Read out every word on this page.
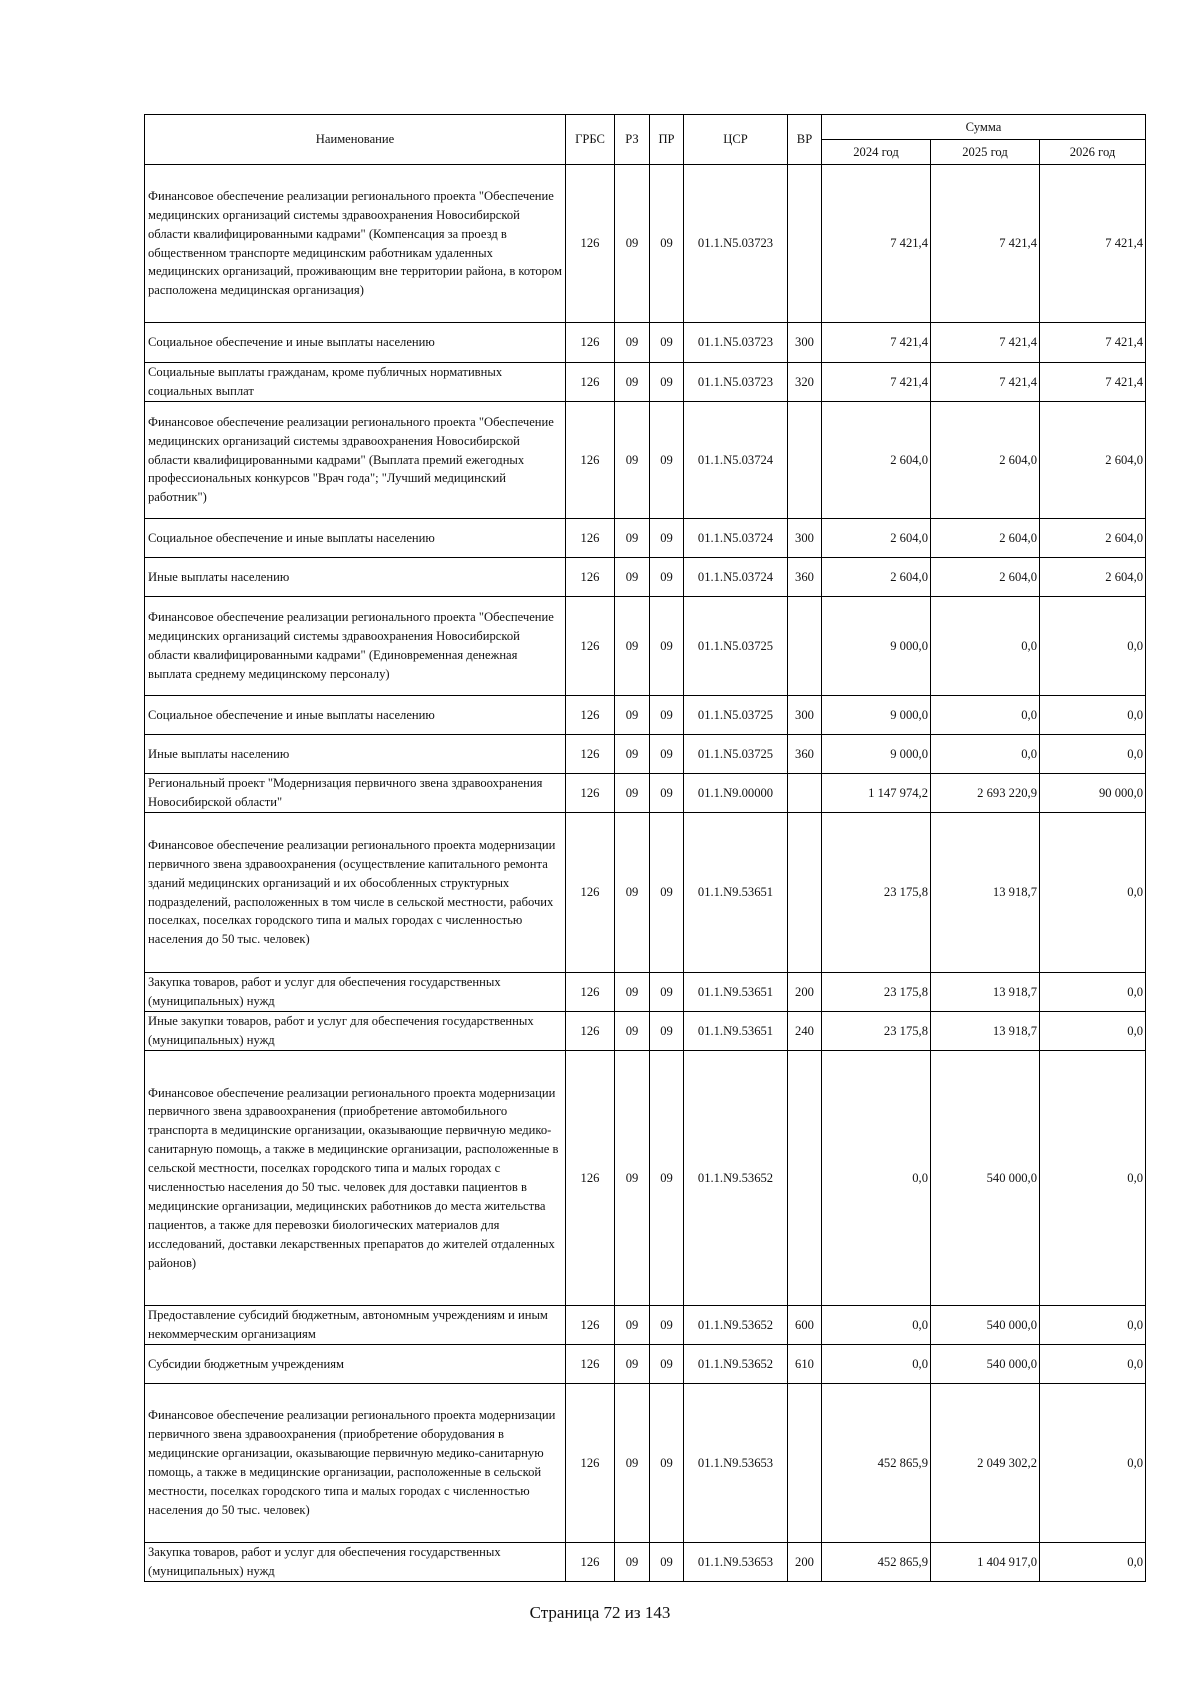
Наименование	ГРБС	РЗ	ПР	ЦСР	ВР	Сумма		
						2024 год	2025 год	2026 год
Финансовое обеспечение реализации регионального проекта "Обеспечение медицинских организаций системы здравоохранения Новосибирской области квалифицированными кадрами" (Компенсация за проезд в общественном транспорте медицинским работникам удаленных медицинских организаций, проживающим вне территории района, в котором расположена медицинская организация)	126	09	09	01.1.N5.03723		7 421,4	7 421,4	7 421,4
Социальное обеспечение и иные выплаты населению	126	09	09	01.1.N5.03723	300	7 421,4	7 421,4	7 421,4
Социальные выплаты гражданам, кроме публичных нормативных социальных выплат	126	09	09	01.1.N5.03723	320	7 421,4	7 421,4	7 421,4
Финансовое обеспечение реализации регионального проекта "Обеспечение медицинских организаций системы здравоохранения Новосибирской области квалифицированными кадрами" (Выплата премий ежегодных профессиональных конкурсов "Врач года"; "Лучший медицинский работник")	126	09	09	01.1.N5.03724		2 604,0	2 604,0	2 604,0
Социальное обеспечение и иные выплаты населению	126	09	09	01.1.N5.03724	300	2 604,0	2 604,0	2 604,0
Иные выплаты населению	126	09	09	01.1.N5.03724	360	2 604,0	2 604,0	2 604,0
Финансовое обеспечение реализации регионального проекта "Обеспечение медицинских организаций системы здравоохранения Новосибирской области квалифицированными кадрами" (Единовременная денежная выплата среднему медицинскому персоналу)	126	09	09	01.1.N5.03725		9 000,0	0,0	0,0
Социальное обеспечение и иные выплаты населению	126	09	09	01.1.N5.03725	300	9 000,0	0,0	0,0
Иные выплаты населению	126	09	09	01.1.N5.03725	360	9 000,0	0,0	0,0
Региональный проект "Модернизация первичного звена здравоохранения Новосибирской области"	126	09	09	01.1.N9.00000		1 147 974,2	2 693 220,9	90 000,0
Финансовое обеспечение реализации регионального проекта модернизации первичного звена здравоохранения (осуществление капитального ремонта зданий медицинских организаций и их обособленных структурных подразделений, расположенных в том числе в сельской местности, рабочих поселках, поселках городского типа и малых городах с численностью населения до 50 тыс. человек)	126	09	09	01.1.N9.53651		23 175,8	13 918,7	0,0
Закупка товаров, работ и услуг для обеспечения государственных (муниципальных) нужд	126	09	09	01.1.N9.53651	200	23 175,8	13 918,7	0,0
Иные закупки товаров, работ и услуг для обеспечения государственных (муниципальных) нужд	126	09	09	01.1.N9.53651	240	23 175,8	13 918,7	0,0
Финансовое обеспечение реализации регионального проекта модернизации первичного звена здравоохранения (приобретение автомобильного транспорта в медицинские организации, оказывающие первичную медико-санитарную помощь, а также в медицинские организации, расположенные в сельской местности, поселках городского типа и малых городах с численностью населения до 50 тыс. человек для доставки пациентов в медицинские организации, медицинских работников до места жительства пациентов, а также для перевозки биологических материалов для исследований, доставки лекарственных препаратов до жителей отдаленных районов)	126	09	09	01.1.N9.53652		0,0	540 000,0	0,0
Предоставление субсидий бюджетным, автономным учреждениям и иным некоммерческим организациям	126	09	09	01.1.N9.53652	600	0,0	540 000,0	0,0
Субсидии бюджетным учреждениям	126	09	09	01.1.N9.53652	610	0,0	540 000,0	0,0
Финансовое обеспечение реализации регионального проекта модернизации первичного звена здравоохранения (приобретение оборудования в медицинские организации, оказывающие первичную медико-санитарную помощь, а также в медицинские организации, расположенные в сельской местности, поселках городского типа и малых городах с численностью населения до 50 тыс. человек)	126	09	09	01.1.N9.53653		452 865,9	2 049 302,2	0,0
Закупка товаров, работ и услуг для обеспечения государственных (муниципальных) нужд	126	09	09	01.1.N9.53653	200	452 865,9	1 404 917,0	0,0
Страница 72 из 143
